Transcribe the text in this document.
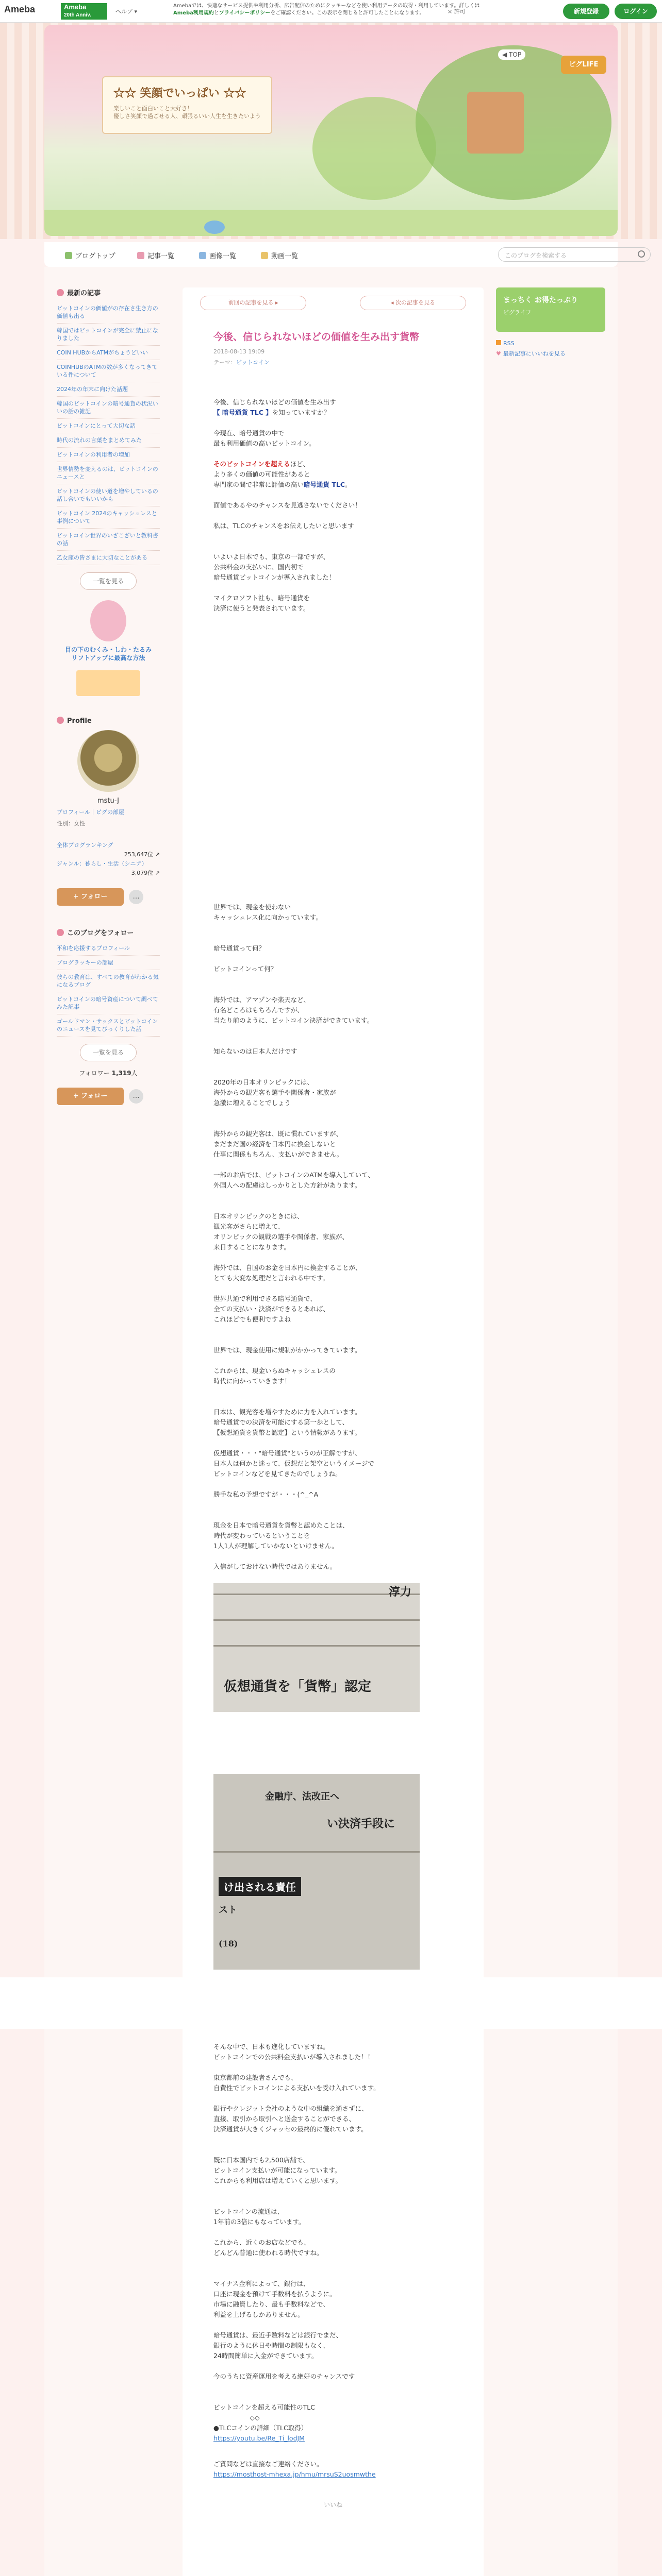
Ameba	Ameba
20th Anniv.
ヘルプ ▾
Amebaでは、快適なサービス提供や利用分析、広告配信のためにクッキーなどを使い利用データの取得・利用しています。詳しくはAmeba利用規約とプライバシーポリシーをご確認ください。この表示を閉じると許可したことになります。	× 許可	新規登録	ログイン
☆☆ 笑顔でいっぱい ☆☆

楽しいこと面白いこと大好き！
優しさ笑顔で過ごせる人、頑張るいい人生を生きたいよう

◀ TOP
ピグLIFE
ブログトップ	記事一覧	画像一覧	動画一覧	このブログを検索する
最新の記事
ビットコインの価値がの存在さ生き方の価値も出る
韓国ではビットコインが完全に禁止になりました
COIN HUBからATMがちょうどいい
COINHUBのATMの数が多くなってきている件について
2024年の年末に向けた話題
韓国のビットコインの暗号通貨の状況いいの話の雑記
ビットコインにとって大切な話
時代の流れの言葉をまとめてみた
ビットコインの利用者の増加
世界情勢を変えるのは、ビットコインのニュースと
ビットコインの使い道を増やしているの話し合いでもいいかも
ビットコイン 2024のキャッシュレスと事例について
ビットコイン世界のいざこざいと教科書の話
乙女座の皆さまに大切なことがある
一覧を見る
目の下のむくみ・しわ・たるみ
リフトアップに最高な方法
Profile
mstu-J
プロフィール｜ピグの部屋
性別：女性
全体ブログランキング
253,647位 ↗
ジャンル：暮らし・生活（シニア）
3,079位 ↗
+ フォロー	…
このブログをフォロー
平和を応援するプロフィール
ブログラッキーの部屋
彼らの教育は、すべての教育がわかる気になるブログ
ビットコインの暗号資産について調べてみた記事
ゴールドマン・サックスとビットコインのニュースを見てびっくりした話
一覧を見る
フォロワー 1,319人
+ フォロー	…
前回の記事を見る ▸	◂ 次の記事を見る
今後、信じられないほどの価値を生み出す貨幣
2018-08-13 19:09
テーマ：ビットコイン
今後、信じられないほどの価値を生み出す
【 暗号通貨 TLC 】を知っていますか？
今現在、暗号通貨の中で
最も利用価値の高いビットコイン。
そのビットコインを超えるほど、
より多くの価値の可能性があると
専門家の間で非常に評価の高い暗号通貨 TLC。
面値であるやのチャンスを見逃さないでください！
私は、TLCのチャンスをお伝えしたいと思います
いよいよ日本でも、東京の一部ですが、
公共料金の支払いに、国内初で
暗号通貨ビットコインが導入されました！
マイクロソフト社も、暗号通貨を
決済に使うと発表されています。
世界では、現金を使わない
キャッシュレス化に向かっています。
暗号通貨って何？
ビットコインって何？
海外では、アマゾンや楽天など、
有名どころはもちろんですが、
当たり前のように、ビットコイン決済ができています。
知らないのは日本人だけです
2020年の日本オリンピックには、
海外からの観光客も選手や関係者・家族が
急激に増えることでしょう
海外からの観光客は、既に慣れていますが、
まだまだ国の経済を日本円に換金しないと
仕事に関係もちろん、支払いができません。
一部のお店では、ビットコインのATMを導入していて、
外国人への配慮はしっかりとした方針があります。
日本オリンピックのときには、
観光客がさらに増えて、
オリンピックの観戦の選手や関係者、家族が、
来日することになります。
海外では、自国のお金を日本円に換金することが、
とても大変な処理だと言われる中です。
世界共通で利用できる暗号通貨で、
全ての支払い・決済ができるとあれば、
これほどでも便利ですよね
世界では、現金使用に規制がかかってきています。
これからは、現金いらぬキャッシュレスの
時代に向かっていきます！
日本は、観光客を増やすために力を入れています。
暗号通貨での決済を可能にする第一歩として、
【仮想通貨を貨幣と認定】という情報があります。
仮想通貨・・・"暗号通貨"というのが正解ですが、
日本人は何かと迷って、仮想だと架空というイメージで
ビットコインなどを見てきたのでしょうね。
勝手な私の予想ですが・・・(^_^A
現金を日本で暗号通貨を貨幣と認めたことは、
時代が変わっているということを
1人1人が理解していかないといけません。
入信がしておけない時代ではありません。
淳力
仮想通貨を「貨幣」認定
金融庁、法改正へ
い決済手段に
け出される責任
スト
(18)
そんな中で、日本も進化していますね。
ビットコインでの公共料金支払いが導入されました！！
東京都前の建設者さんでも、
自費性でビットコインによる支払いを受け入れています。
銀行やクレジット会社のような中の組織を通さずに、
直接、取引から取引へと送金することができる、
決済通貨が大きくジャッセの最終的に優れています。
既に日本国内でも2,500店舗で、
ビットコイン支払いが可能になっています。
これからも利用店は増えていくと思います。
ビットコインの流通は、
1年前の3倍にもなっています。
これから、近くのお店などでも、
どんどん普通に使われる時代ですね。
マイナス金利によって、銀行は、
口座に現金を預けて手数料を払うように。
市場に融資したり、最も手数料などで、
利益を上げるしかありません。
暗号通貨は、最近手数料などは銀行でまだ、
銀行のように休日や時間の制限もなく、
24時間簡単に入金ができています。
今のうちに資産運用を考える絶好のチャンスです
ビットコインを超える可能性のTLC
◇◇
●TLCコインの詳細（TLC取得）
https://youtu.be/Re_Ti_lodJM
ご質問などは直接なご連絡ください。
https://mosthost-mhexa.jp/hmu/mrsuS2uosmwthe
いいね
まっちく お得たっぷり
ピグライフ
RSS
♥ 最新記事にいいねを見る
